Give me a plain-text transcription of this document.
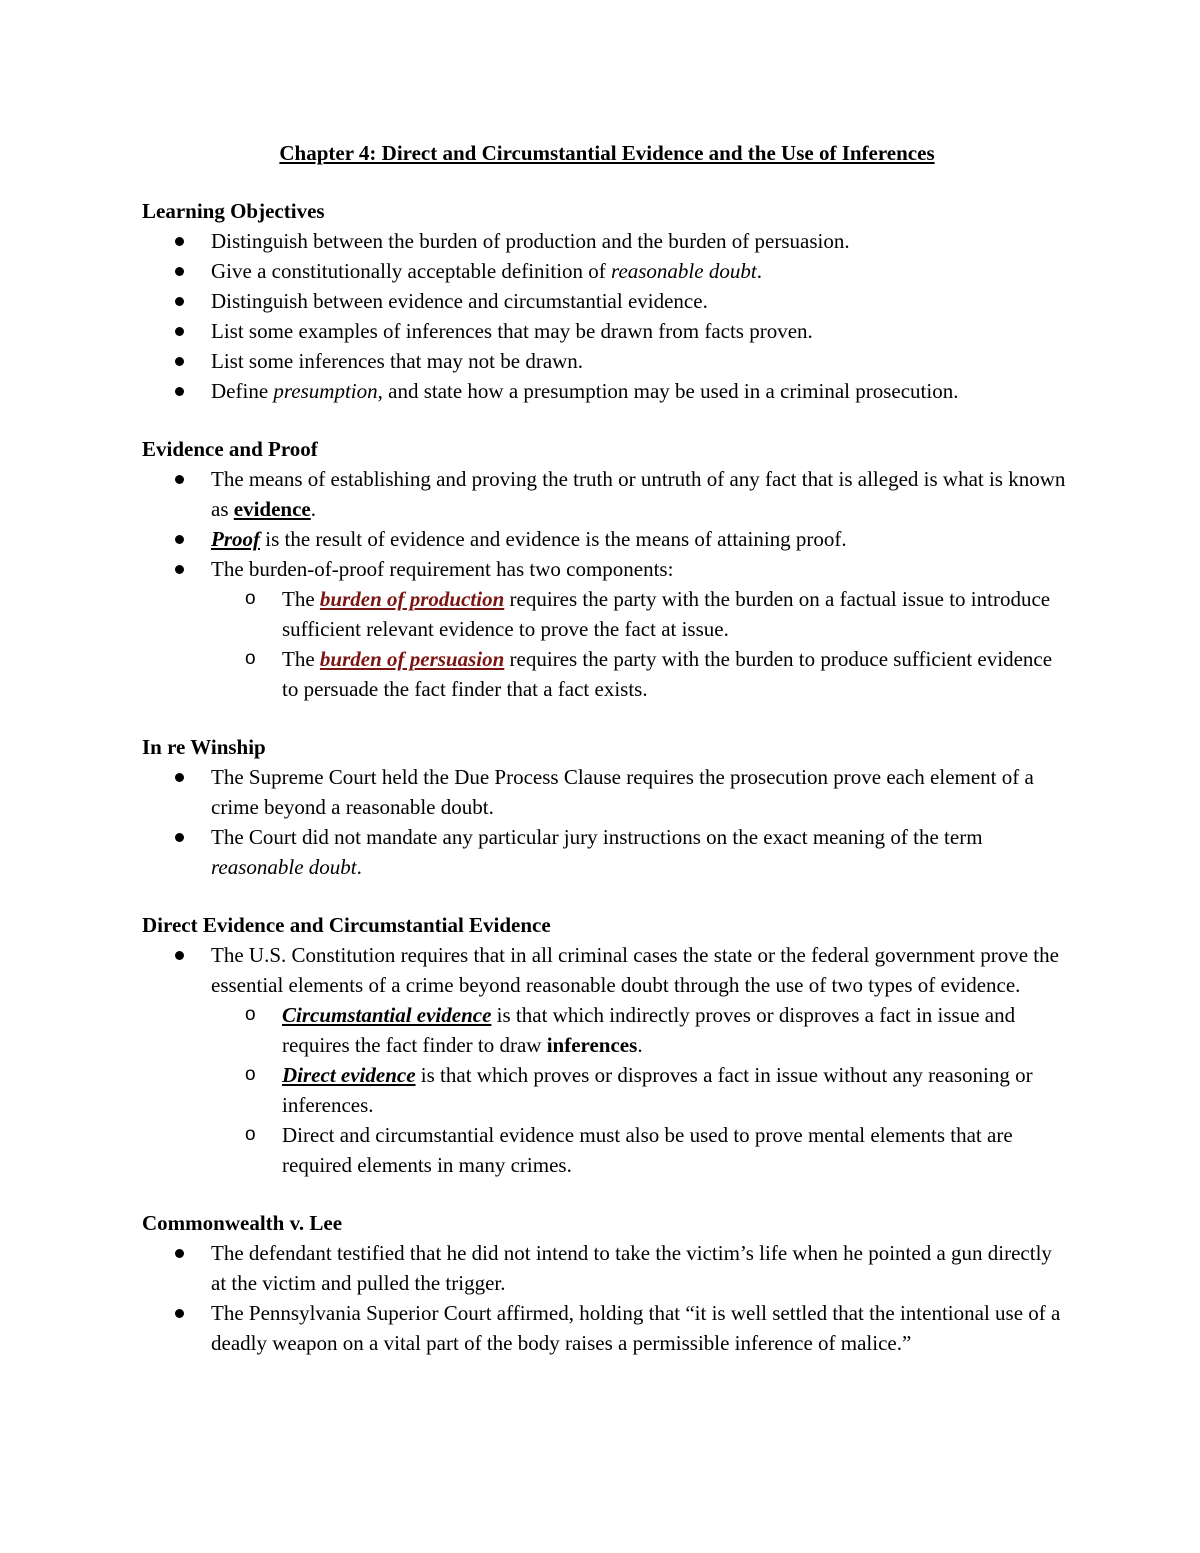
Chapter 4: Direct and Circumstantial Evidence and the Use of Inferences
Learning Objectives
Distinguish between the burden of production and the burden of persuasion.
Give a constitutionally acceptable definition of reasonable doubt.
Distinguish between evidence and circumstantial evidence.
List some examples of inferences that may be drawn from facts proven.
List some inferences that may not be drawn.
Define presumption, and state how a presumption may be used in a criminal prosecution.
Evidence and Proof
The means of establishing and proving the truth or untruth of any fact that is alleged is what is known as evidence.
Proof is the result of evidence and evidence is the means of attaining proof.
The burden-of-proof requirement has two components:
o The burden of production requires the party with the burden on a factual issue to introduce sufficient relevant evidence to prove the fact at issue.
o The burden of persuasion requires the party with the burden to produce sufficient evidence to persuade the fact finder that a fact exists.
In re Winship
The Supreme Court held the Due Process Clause requires the prosecution prove each element of a crime beyond a reasonable doubt.
The Court did not mandate any particular jury instructions on the exact meaning of the term reasonable doubt.
Direct Evidence and Circumstantial Evidence
The U.S. Constitution requires that in all criminal cases the state or the federal government prove the essential elements of a crime beyond reasonable doubt through the use of two types of evidence.
o Circumstantial evidence is that which indirectly proves or disproves a fact in issue and requires the fact finder to draw inferences.
o Direct evidence is that which proves or disproves a fact in issue without any reasoning or inferences.
o Direct and circumstantial evidence must also be used to prove mental elements that are required elements in many crimes.
Commonwealth v. Lee
The defendant testified that he did not intend to take the victim’s life when he pointed a gun directly at the victim and pulled the trigger.
The Pennsylvania Superior Court affirmed, holding that “it is well settled that the intentional use of a deadly weapon on a vital part of the body raises a permissible inference of malice.”
